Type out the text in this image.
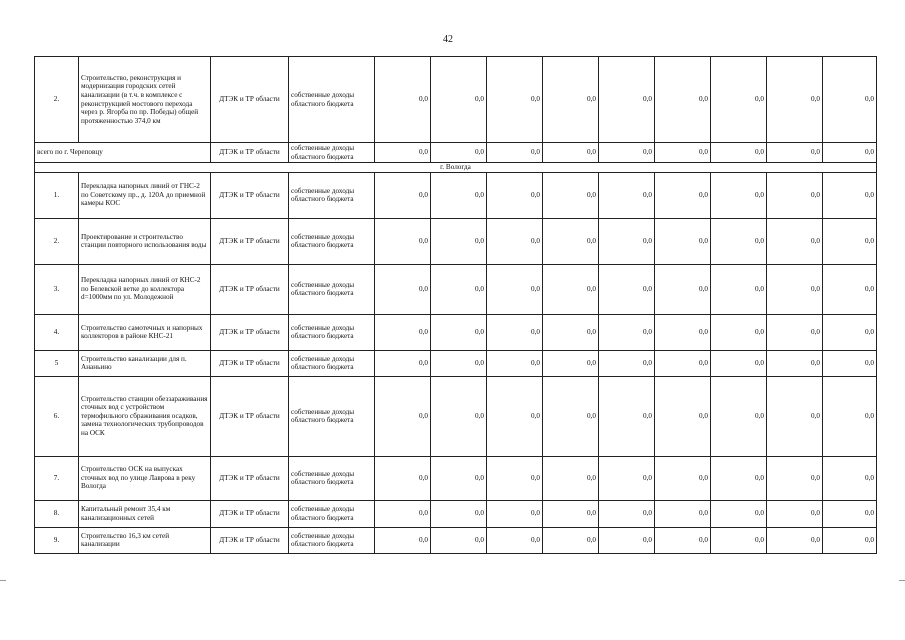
42
2.	Строительство, реконструкция и модернизация городских сетей канализации (в т.ч. в комплексе с реконструкцией мостового перехода через р. Ягорба по пр. Победы) общей протяженностью 374,0 км	ДТЭК и ТР области	собственные доходы областного бюджета	0,0	0,0	0,0	0,0	0,0	0,0	0,0	0,0	0,0
всего по г. Череповцу		ДТЭК и ТР области	собственные доходы областного бюджета	0,0	0,0	0,0	0,0	0,0	0,0	0,0	0,0	0,0
г. Вологда												
1.	Перекладка напорных линий от ГНС-2 по Советскому пр., д. 120А до приемной камеры КОС	ДТЭК и ТР области	собственные доходы областного бюджета	0,0	0,0	0,0	0,0	0,0	0,0	0,0	0,0	0,0
2.	Проектирование и строительство станции повторного использования воды	ДТЭК и ТР области	собственные доходы областного бюджета	0,0	0,0	0,0	0,0	0,0	0,0	0,0	0,0	0,0
3.	Перекладка напорных линий от КНС-2 по Белевской ветке до коллектора d=1000мм по ул. Молодежной	ДТЭК и ТР области	собственные доходы областного бюджета	0,0	0,0	0,0	0,0	0,0	0,0	0,0	0,0	0,0
4.	Строительство самотечных и напорных коллекторов в районе КНС-21	ДТЭК и ТР области	собственные доходы областного бюджета	0,0	0,0	0,0	0,0	0,0	0,0	0,0	0,0	0,0
5	Строительство канализации для п. Ананьино	ДТЭК и ТР области	собственные доходы областного бюджета	0,0	0,0	0,0	0,0	0,0	0,0	0,0	0,0	0,0
6.	Строительство станции обеззараживания сточных вод с устройством термофильного сбраживания осадков, замена технологических трубопроводов на ОСК	ДТЭК и ТР области	собственные доходы областного бюджета	0,0	0,0	0,0	0,0	0,0	0,0	0,0	0,0	0,0
7.	Строительство ОСК на выпусках сточных вод по улице Лаврова в реку Вологда	ДТЭК и ТР области	собственные доходы областного бюджета	0,0	0,0	0,0	0,0	0,0	0,0	0,0	0,0	0,0
8.	Капитальный ремонт 35,4 км канализационных сетей	ДТЭК и ТР области	собственные доходы областного бюджета	0,0	0,0	0,0	0,0	0,0	0,0	0,0	0,0	0,0
9.	Строительство 16,3 км сетей канализации	ДТЭК и ТР области	собственные доходы областного бюджета	0,0	0,0	0,0	0,0	0,0	0,0	0,0	0,0	0,0
